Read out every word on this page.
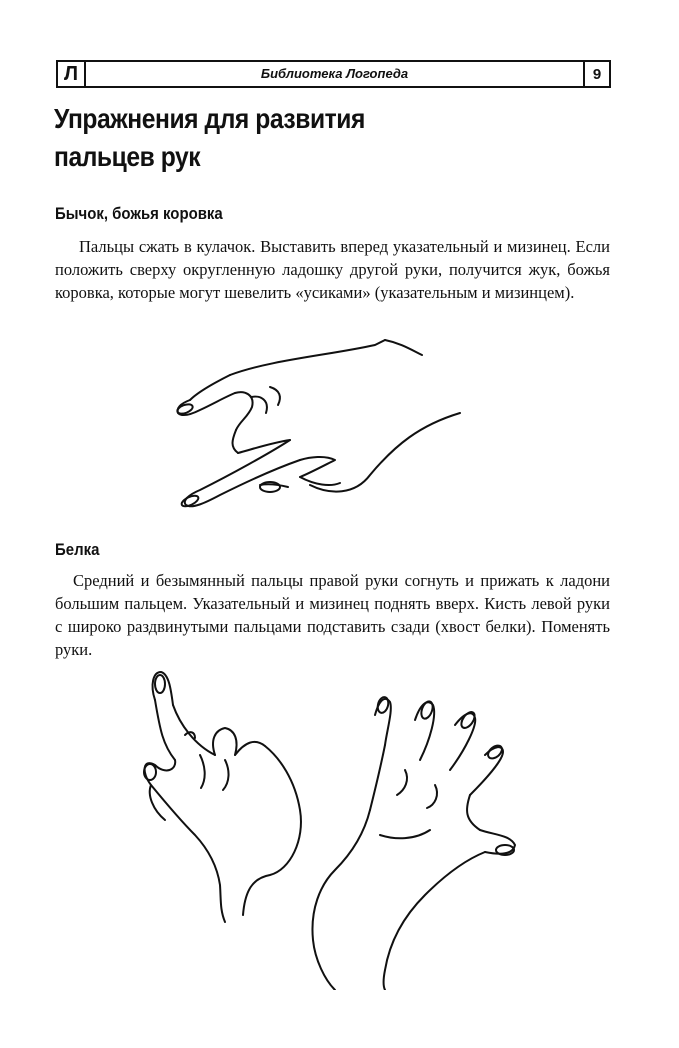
Л	Библиотека Логопеда	9
Упражнения для развития
пальцев рук
Бычок, божья коровка

Пальцы сжать в кулачок. Выставить вперед указательный и мизинец. Если положить сверху округленную ладошку другой руки, получится жук, божья коровка, которые могут шевелить «усиками» (указательным и мизинцем).

Белка

Средний и безымянный пальцы правой руки согнуть и прижать к ладони большим пальцем. Указательный и мизинец поднять вверх. Кисть левой руки с широко раздвинутыми пальцами подставить сзади (хвост белки). Поменять руки.
